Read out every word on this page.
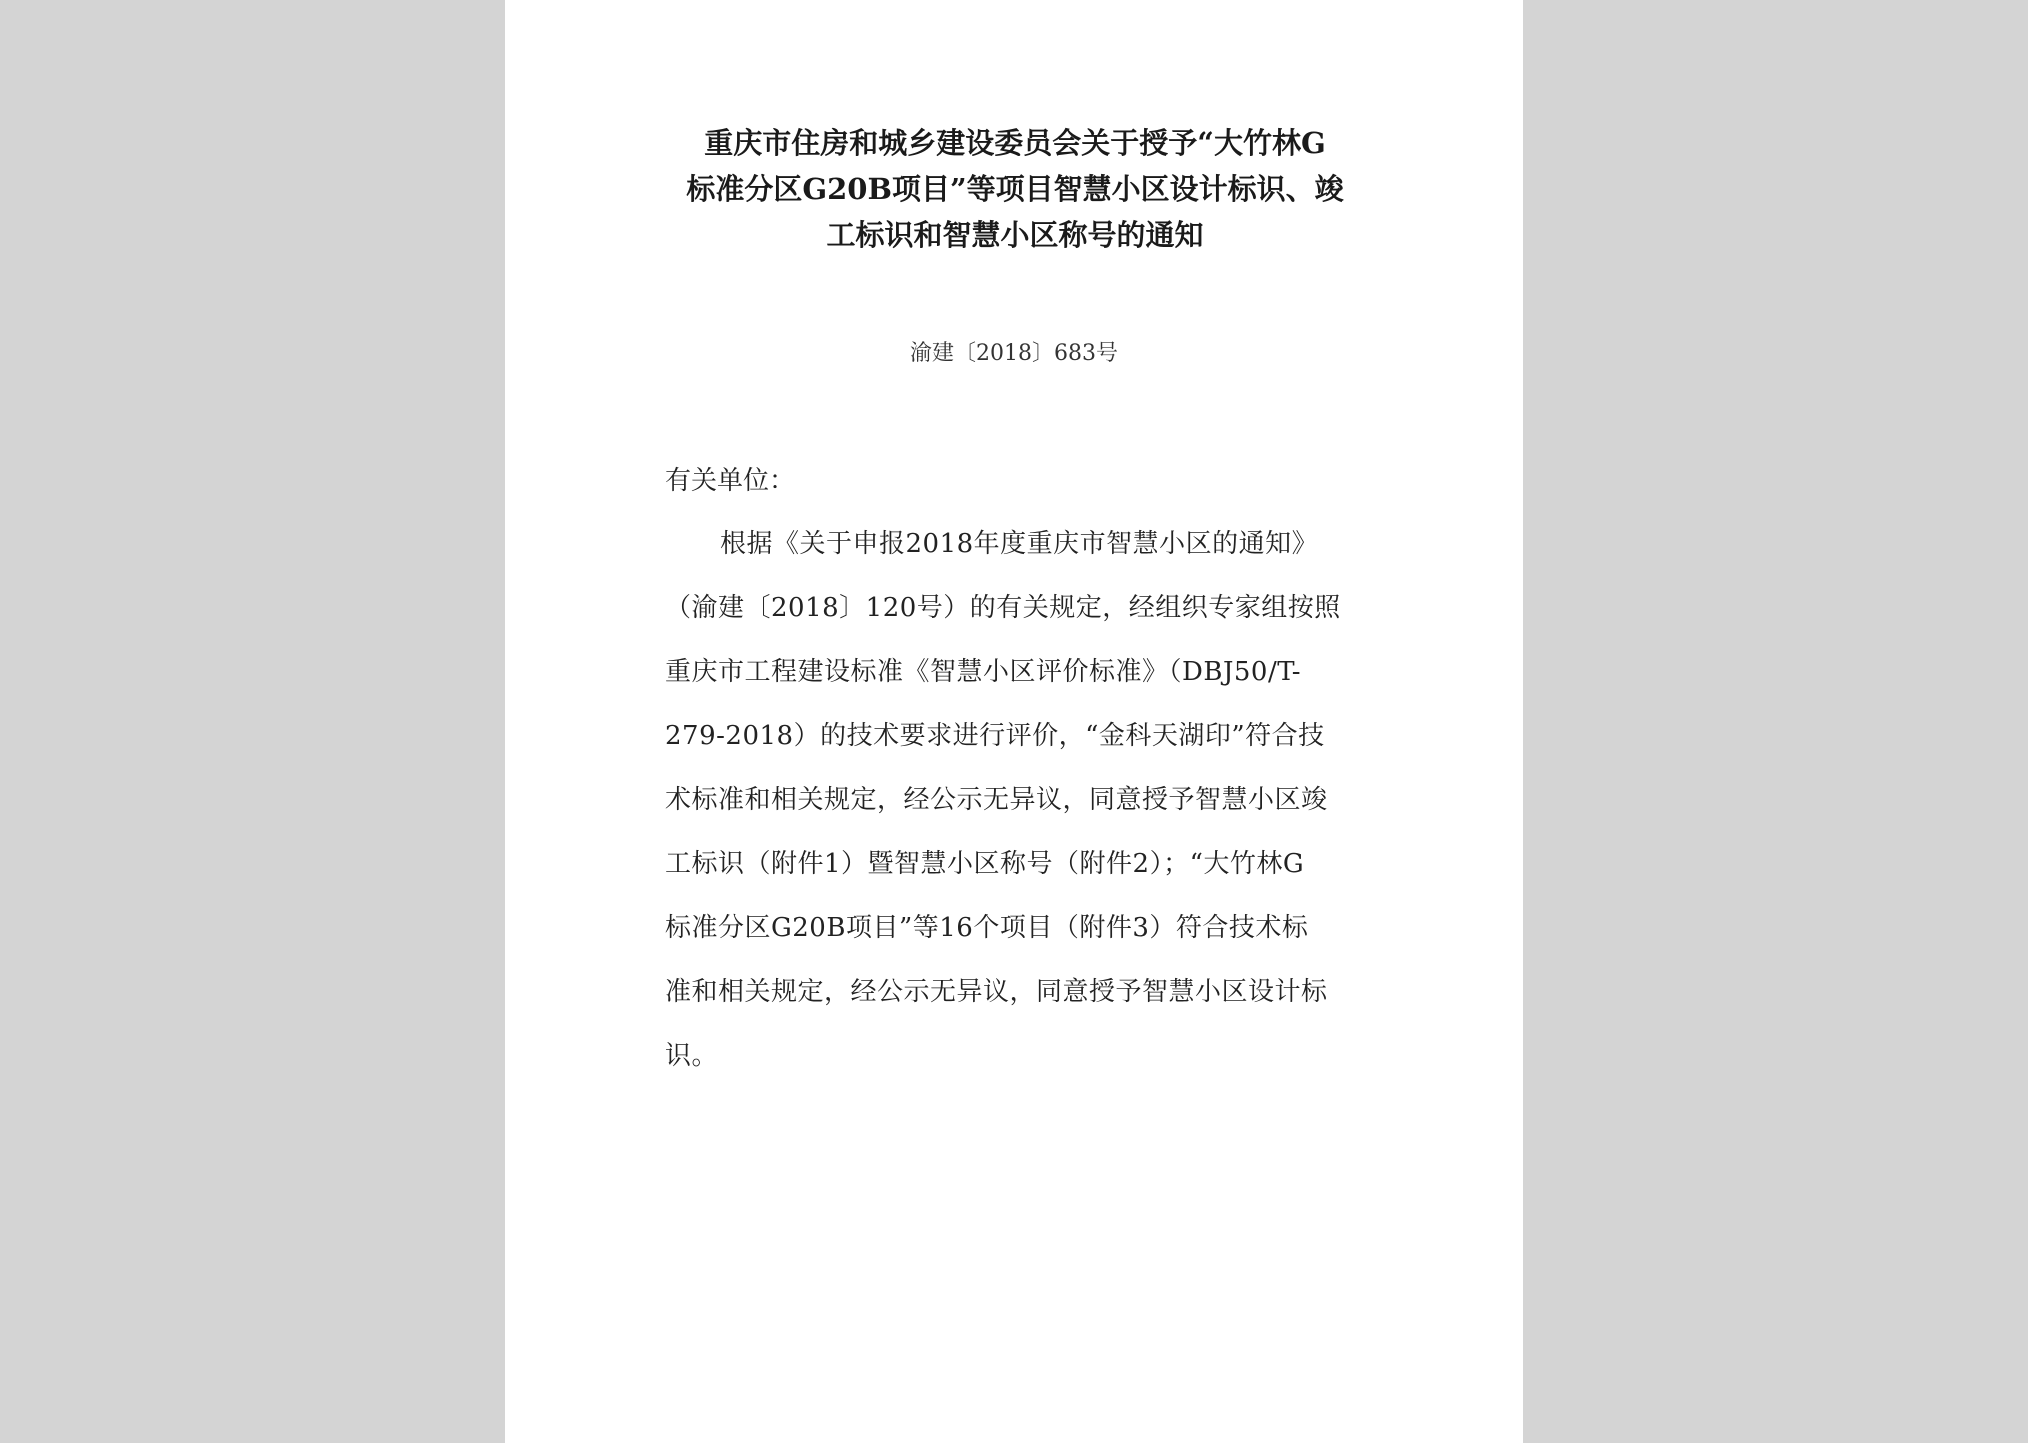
重庆市住房和城乡建设委员会关于授予“大竹林G
标准分区G20B项目”等项目智慧小区设计标识、竣
工标识和智慧小区称号的通知
渝建〔2018〕683号
有关单位：
根据《关于申报2018年度重庆市智慧小区的通知》
（渝建〔2018〕120号）的有关规定，经组织专家组按照
重庆市工程建设标准《智慧小区评价标准》（DBJ50/T-
279-2018）的技术要求进行评价，“金科天湖印”符合技
术标准和相关规定，经公示无异议，同意授予智慧小区竣
工标识（附件1）暨智慧小区称号（附件2）；“大竹林G
标准分区G20B项目”等16个项目（附件3）符合技术标
准和相关规定，经公示无异议，同意授予智慧小区设计标
识。
